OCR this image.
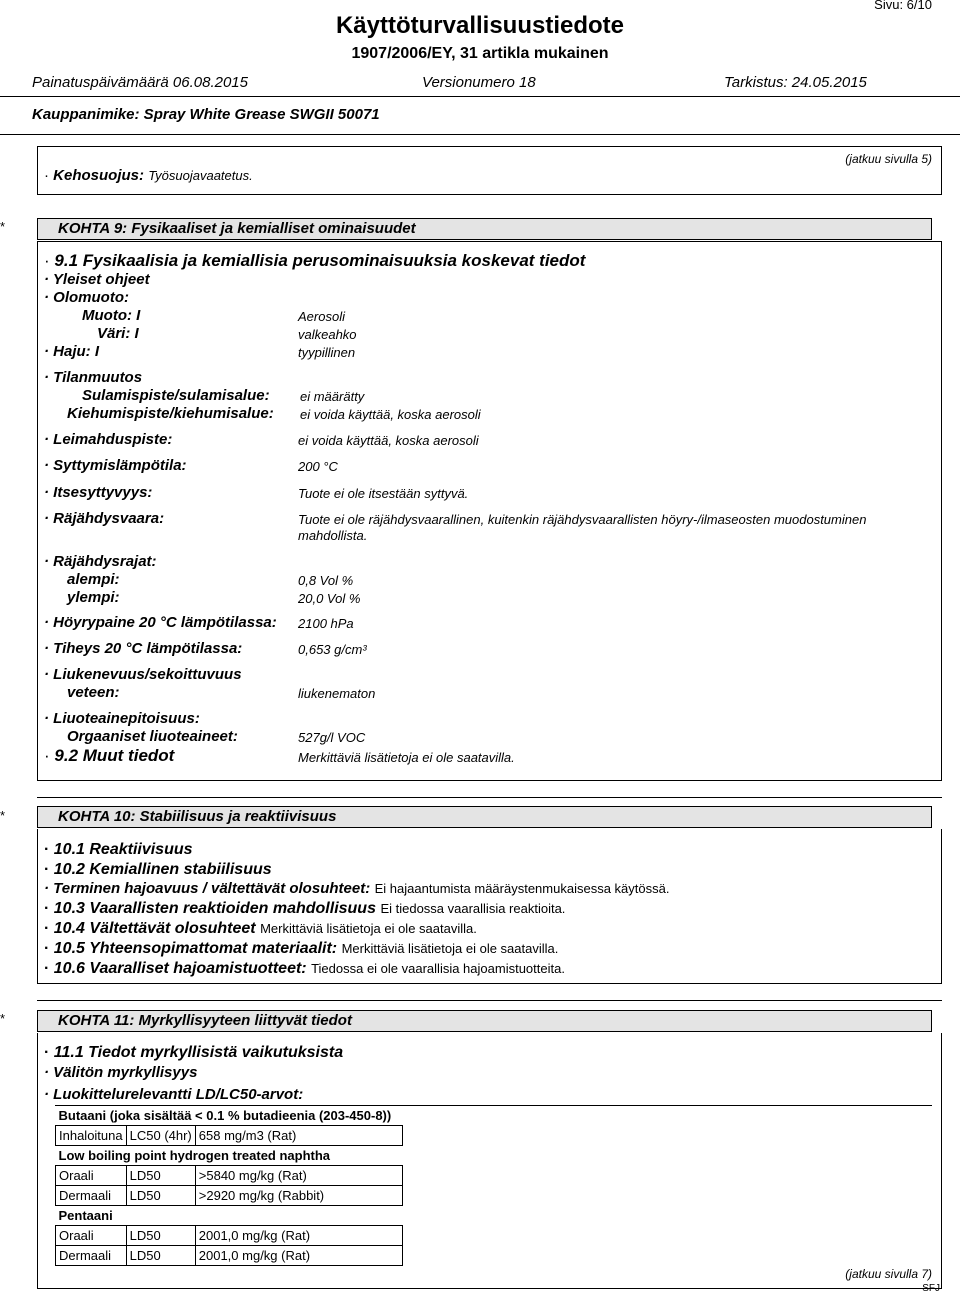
Sivu: 6/10
Käyttöturvallisuustiedote
1907/2006/EY, 31 artikla mukainen
Painatuspäivämäärä 06.08.2015	Versionumero 18	Tarkistus: 24.05.2015
Kauppanimike: Spray White Grease SWGII 50071
(jatkuu sivulla 5)
· Kehosuojus: Työsuojavaatetus.
*	KOHTA 9: Fysikaaliset ja kemialliset ominaisuudet
· 9.1 Fysikaalisia ja kemiallisia perusominaisuuksia koskevat tiedot
· Yleiset ohjeet
· Olomuoto:
Muoto: I	Aerosoli
Väri: I	valkeahko
· Haju: I	tyypillinen
· Tilanmuutos
Sulamispiste/sulamisalue: ei määrätty
Kiehumispiste/kiehumisalue: ei voida käyttää, koska aerosoli
· Leimahduspiste:	ei voida käyttää, koska aerosoli
· Syttymislämpötila:	200 °C
· Itsesyttyvyys:	Tuote ei ole itsestään syttyvä.
· Räjähdysvaara:	Tuote ei ole räjähdysvaarallinen, kuitenkin räjähdysvaarallisten höyry-/ilmaseosten muodostuminen
mahdollista.
· Räjähdysrajat:
alempi:	0,8 Vol %
ylempi:	20,0 Vol %
· Höyrypaine 20 °C lämpötilassa: 2100 hPa
· Tiheys 20 °C lämpötilassa:	0,653 g/cm³
· Liukenevuus/sekoittuvuus
veteen:	liukenematon
· Liuoteainepitoisuus:
Orgaaniset liuoteaineet:	527g/l VOC
· 9.2 Muut tiedot	Merkittäviä lisätietoja ei ole saatavilla.
*	KOHTA 10: Stabiilisuus ja reaktiivisuus
· 10.1 Reaktiivisuus
· 10.2 Kemiallinen stabiilisuus
· Terminen hajoavuus / vältettävät olosuhteet: Ei hajaantumista määräystenmukaisessa käytössä.
· 10.3 Vaarallisten reaktioiden mahdollisuus Ei tiedossa vaarallisia reaktioita.
· 10.4 Vältettävät olosuhteet Merkittäviä lisätietoja ei ole saatavilla.
· 10.5 Yhteensopimattomat materiaalit: Merkittäviä lisätietoja ei ole saatavilla.
· 10.6 Vaaralliset hajoamistuotteet: Tiedossa ei ole vaarallisia hajoamistuotteita.
*	KOHTA 11: Myrkyllisyyteen liittyvät tiedot
· 11.1 Tiedot myrkyllisistä vaikutuksista
· Välitön myrkyllisyys
· Luokittelurelevantti LD/LC50-arvot:
Butaani (joka sisältää < 0.1 % butadieenia (203-450-8))		
Inhaloituna	LC50 (4hr)	658 mg/m3 (Rat)
Low boiling point hydrogen treated naphtha		
Oraali	LD50	>5840 mg/kg (Rat)
Dermaali	LD50	>2920 mg/kg (Rabbit)
Pentaani		
Oraali	LD50	2001,0 mg/kg (Rat)
Dermaali	LD50	2001,0 mg/kg (Rat)
(jatkuu sivulla 7)
SFJ
